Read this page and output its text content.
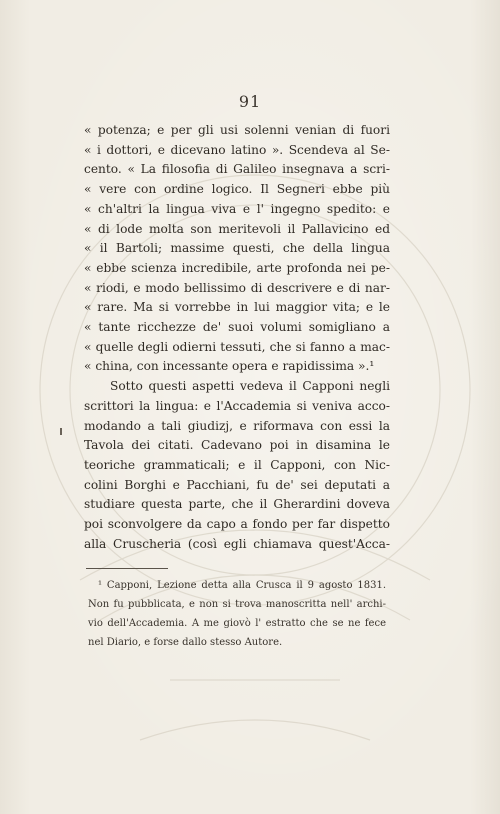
91
« potenza; e per gli usi solenni venian di fuori
« i dottori, e dicevano latino ». Scendeva al Se-
cento. « La filosofia di Galileo insegnava a scri-
« vere con ordine logico. Il Segneri ebbe più
« ch'altri la lingua viva e l' ingegno spedito: e
« di lode molta son meritevoli il Pallavicino ed
« il Bartoli; massime questi, che della lingua
« ebbe scienza incredibile, arte profonda nei pe-
« riodi, e modo bellissimo di descrivere e di nar-
« rare. Ma si vorrebbe in lui maggior vita; e le
« tante ricchezze de' suoi volumi somigliano a
« quelle degli odierni tessuti, che si fanno a mac-
« china, con incessante opera e rapidissima ».¹
Sotto questi aspetti vedeva il Capponi negli
scrittori la lingua: e l'Accademia si veniva acco-
modando a tali giudizj, e riformava con essi la
Tavola dei citati. Cadevano poi in disamina le
teoriche grammaticali; e il Capponi, con Nic-
colini Borghi e Pacchiani, fu de' sei deputati a
studiare questa parte, che il Gherardini doveva
poi sconvolgere da capo a fondo per far dispetto
alla Cruscheria (così egli chiamava quest'Acca-
¹ Capponi, Lezione detta alla Crusca il 9 agosto 1831.
Non fu pubblicata, e non si trova manoscritta nell' archi-
vio dell'Accademia. A me giovò l' estratto che se ne fece
nel Diario, e forse dallo stesso Autore.
